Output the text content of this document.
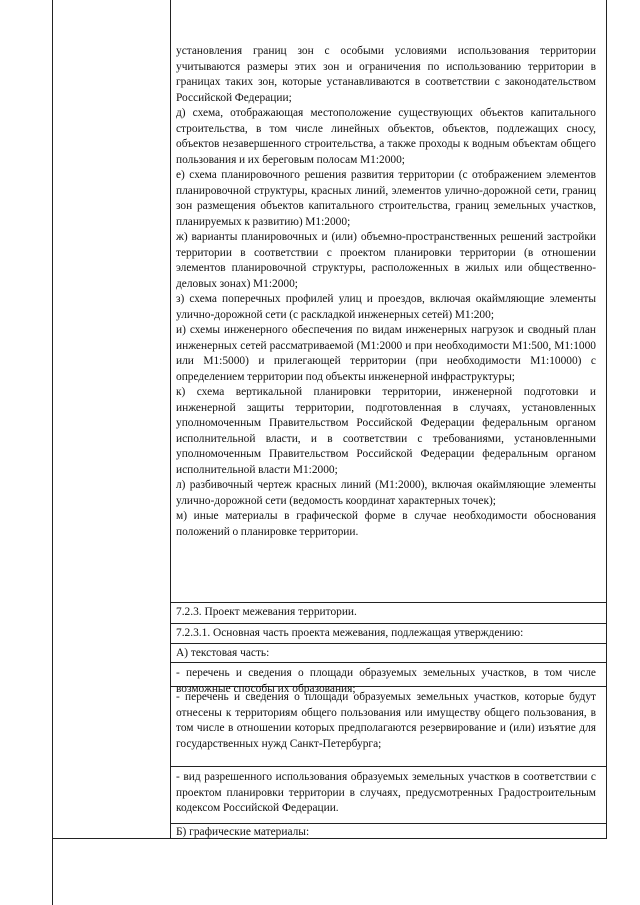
установления границ зон с особыми условиями использования территории учитываются размеры этих зон и ограничения по использованию территории в границах таких зон, которые устанавливаются в соответствии с законодательством Российской Федерации;

д) схема, отображающая местоположение существующих объектов капитального строительства, в том числе линейных объектов, объектов, подлежащих сносу, объектов незавершенного строительства, а также проходы к водным объектам общего пользования и их береговым полосам М1:2000;

е) схема планировочного решения развития территории (с отображением элементов планировочной структуры, красных линий, элементов улично-дорожной сети, границ зон размещения объектов капитального строительства, границ земельных участков, планируемых к развитию) М1:2000;

ж) варианты планировочных и (или) объемно-пространственных решений застройки территории в соответствии с проектом планировки территории (в отношении элементов планировочной структуры, расположенных в жилых или общественно-деловых зонах) М1:2000;

з) схема поперечных профилей улиц и проездов, включая окаймляющие элементы улично-дорожной сети (с раскладкой инженерных сетей) М1:200;

и) схемы инженерного обеспечения по видам инженерных нагрузок и сводный план инженерных сетей рассматриваемой (М1:2000 и при необходимости М1:500, М1:1000 или М1:5000) и прилегающей территории (при необходимости М1:10000) с определением территории под объекты инженерной инфраструктуры;

к) схема вертикальной планировки территории, инженерной подготовки и инженерной защиты территории, подготовленная в случаях, установленных уполномоченным Правительством Российской Федерации федеральным органом исполнительной власти, и в соответствии с требованиями, установленными уполномоченным Правительством Российской Федерации федеральным органом исполнительной власти М1:2000;

л) разбивочный чертеж красных линий (М1:2000), включая окаймляющие элементы улично-дорожной сети (ведомость координат характерных точек);

м) иные материалы в графической форме в случае необходимости обоснования положений о планировке территории.

7.2.3. Проект межевания территории.
7.2.3.1. Основная часть проекта межевания, подлежащая утверждению:
А) текстовая часть:
- перечень и сведения о площади образуемых земельных участков, в том числе возможные способы их образования;
- перечень и сведения о площади образуемых земельных участков, которые будут отнесены к территориям общего пользования или имуществу общего пользования, в том числе в отношении которых предполагаются резервирование и (или) изъятие для государственных нужд Санкт-Петербурга;
- вид разрешенного использования образуемых земельных участков в соответствии с проектом планировки территории в случаях, предусмотренных Градостроительным кодексом Российской Федерации.
Б) графические материалы:
